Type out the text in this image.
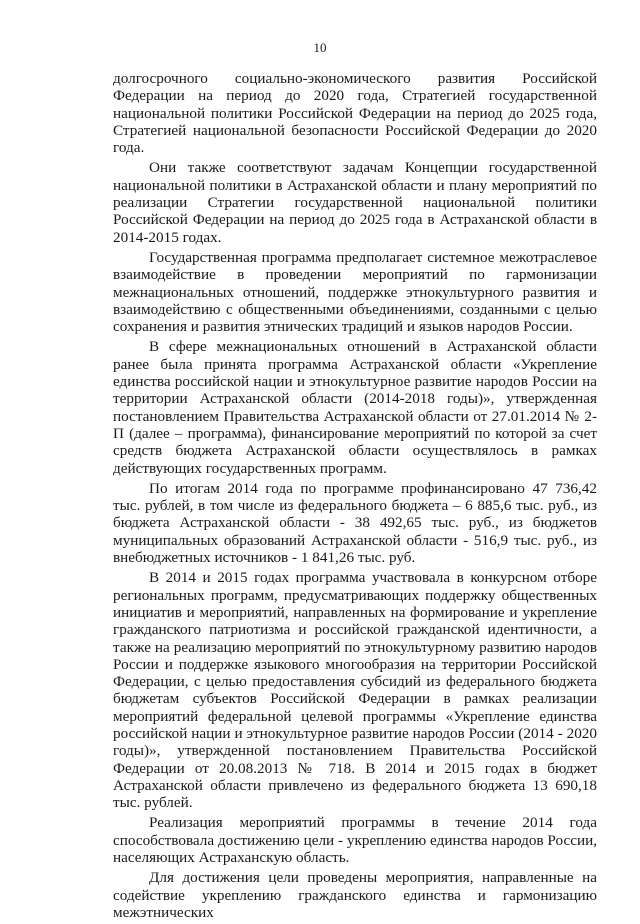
10

долгосрочного социально-экономического развития Российской Федерации на период до 2020 года, Стратегией государственной национальной политики Российской Федерации на период до 2025 года, Стратегией национальной безопасности Российской Федерации до 2020 года.

Они также соответствуют задачам Концепции государственной национальной политики в Астраханской области и плану мероприятий по реализации Стратегии государственной национальной политики Российской Федерации на период до 2025 года в Астраханской области в 2014-2015 годах.

Государственная программа предполагает системное межотраслевое взаимодействие в проведении мероприятий по гармонизации межнациональных отношений, поддержке этнокультурного развития и взаимодействию с общественными объединениями, созданными с целью сохранения и развития этнических традиций и языков народов России.

В сфере межнациональных отношений в Астраханской области ранее была принята программа Астраханской области «Укрепление единства российской нации и этнокультурное развитие народов России на территории Астраханской области (2014-2018 годы)», утвержденная постановлением Правительства Астраханской области от 27.01.2014 № 2-П (далее – программа), финансирование мероприятий по которой за счет средств бюджета Астраханской области осуществлялось в рамках действующих государственных программ.

По итогам 2014 года по программе профинансировано 47 736,42 тыс. рублей, в том числе из федерального бюджета – 6 885,6 тыс. руб., из бюджета Астраханской области - 38 492,65 тыс. руб., из бюджетов муниципальных образований Астраханской области - 516,9 тыс. руб., из внебюджетных источников - 1 841,26 тыс. руб.

В 2014 и 2015 годах программа участвовала в конкурсном отборе региональных программ, предусматривающих поддержку общественных инициатив и мероприятий, направленных на формирование и укрепление гражданского патриотизма и российской гражданской идентичности, а также на реализацию мероприятий по этнокультурному развитию народов России и поддержке языкового многообразия на территории Российской Федерации, с целью предоставления субсидий из федерального бюджета бюджетам субъектов Российской Федерации в рамках реализации мероприятий федеральной целевой программы «Укрепление единства российской нации и этнокультурное развитие народов России (2014 - 2020 годы)», утвержденной постановлением Правительства Российской Федерации от 20.08.2013 № 718. В 2014 и 2015 годах в бюджет Астраханской области привлечено из федерального бюджета 13 690,18 тыс. рублей.

Реализация мероприятий программы в течение 2014 года способствовала достижению цели - укреплению единства народов России, населяющих Астраханскую область.

Для достижения цели проведены мероприятия, направленные на содействие укреплению гражданского единства и гармонизацию межэтнических
